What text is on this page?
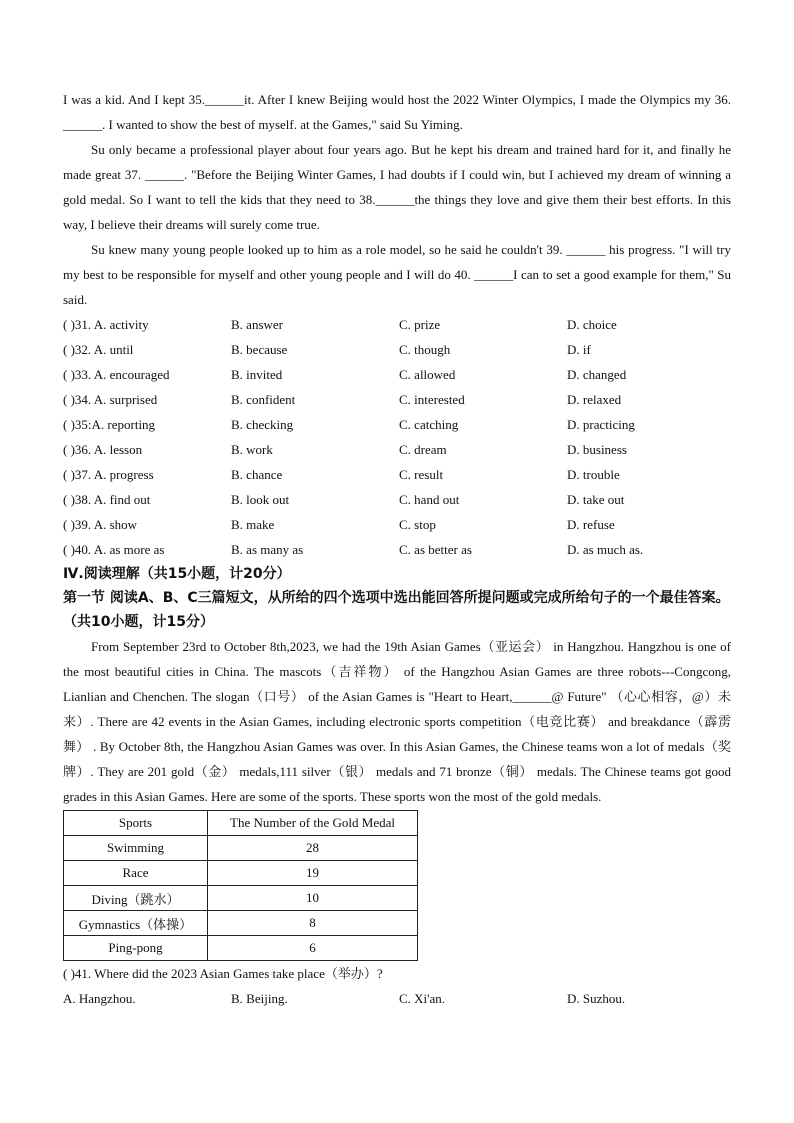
I was a kid. And I kept 35.______it. After I knew Beijing would host the 2022 Winter Olympics, I made the Olympics my 36. ______. I wanted to show the best of myself. at the Games," said Su Yiming.

Su only became a professional player about four years ago. But he kept his dream and trained hard for it, and finally he made great 37. ______. "Before the Beijing Winter Games, I had doubts if I could win, but I achieved my dream of winning a gold medal. So I want to tell the kids that they need to 38.______the things they love and give them their best efforts. In this way, I believe their dreams will surely come true.

Su knew many young people looked up to him as a role model, so he said he couldn't 39. ______ his progress. "I will try my best to be responsible for myself and other young people and I will do 40. ______I can to set a good example for them," Su said.

( )31. A. activity	B. answer	C. prize	D. choice
( )32. A. until	B. because	C. though	D. if
( )33. A. encouraged	B. invited	C. allowed	D. changed
( )34. A. surprised	B. confident	C. interested	D. relaxed
( )35:A. reporting	B. checking	C. catching	D. practicing
( )36. A. lesson	B. work	C. dream	D. business
( )37. A. progress	B. chance	C. result	D. trouble
( )38. A. find out	B. look out	C. hand out	D. take out
( )39. A. show	B. make	C. stop	D. refuse
( )40. A. as more as	B. as many as	C. as better as	D. as much as.

Ⅳ.阅读理解（共15小题，计20分）

第一节 阅读A、B、C三篇短文，从所给的四个选项中选出能回答所提问题或完成所给句子的一个最佳答案。（共10小题，计15分）

From September 23rd to October 8th,2023, we had the 19th Asian Games（亚运会） in Hangzhou. Hangzhou is one of the most beautiful cities in China. The mascots（吉祥物） of the Hangzhou Asian Games are three robots---Congcong, Lianlian and Chenchen. The slogan（口号） of the Asian Games is "Heart to Heart,______@ Future" （心心相容，@）未来）. There are 42 events in the Asian Games, including electronic sports competition（电竞比赛） and breakdance（霹雳舞） . By October 8th, the Hangzhou Asian Games was over. In this Asian Games, the Chinese teams won a lot of medals（奖牌）. They are 201 gold（金） medals,111 silver（银） medals and 71 bronze（铜） medals. The Chinese teams got good grades in this Asian Games. Here are some of the sports. These sports won the most of the gold medals.

Sports	The Number of the Gold Medal
Swimming	28
Race	19
Diving（跳水）	10
Gymnastics（体操）	8
Ping-pong	6
( )41. Where did the 2023 Asian Games take place（举办）?
A. Hangzhou.	B. Beijing.	C. Xi'an.	D. Suzhou.
